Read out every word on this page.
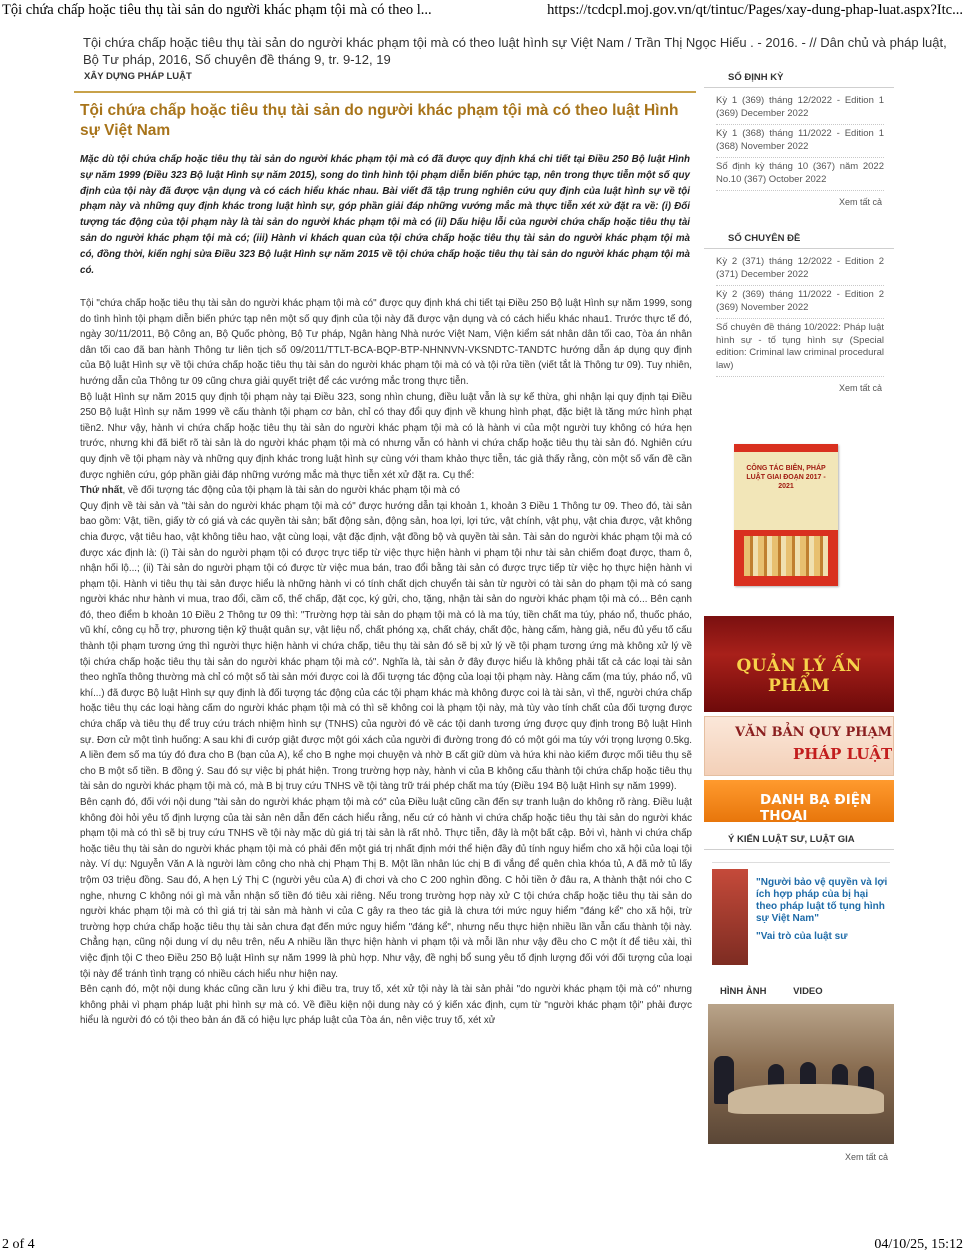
Tội chứa chấp hoặc tiêu thụ tài sản do người khác phạm tội mà có theo l...	https://tcdcpl.moj.gov.vn/qt/tintuc/Pages/xay-dung-phap-luat.aspx?Itc...
Tội chứa chấp hoặc tiêu thụ tài sản do người khác phạm tội mà có theo luật hình sự Việt Nam / Trần Thị Ngọc Hiếu . - 2016. - // Dân chủ và pháp luật, Bộ Tư pháp, 2016, Số chuyên đề tháng 9, tr. 9-12, 19
XÂY DỰNG PHÁP LUẬT
Tội chứa chấp hoặc tiêu thụ tài sản do người khác phạm tội mà có theo luật Hình sự Việt Nam

Mặc dù tội chứa chấp hoặc tiêu thụ tài sản do người khác phạm tội mà có đã được quy định khá chi tiết tại Điều 250 Bộ luật Hình sự năm 1999 (Điều 323 Bộ luật Hình sự năm 2015), song do tình hình tội phạm diễn biến phức tạp, nên trong thực tiễn một số quy định của tội này đã được vận dụng và có cách hiểu khác nhau. Bài viết đã tập trung nghiên cứu quy định của luật hình sự về tội phạm này và những quy định khác trong luật hình sự, góp phần giải đáp những vướng mắc mà thực tiễn xét xử đặt ra về: (i) Đối tượng tác động của tội phạm này là tài sản do người khác phạm tội mà có (ii) Dấu hiệu lỗi của người chứa chấp hoặc tiêu thụ tài sản do người khác phạm tội mà có; (iii) Hành vi khách quan của tội chứa chấp hoặc tiêu thụ tài sản do người khác phạm tội mà có, đồng thời, kiến nghị sửa Điều 323 Bộ luật Hình sự năm 2015 về tội chứa chấp hoặc tiêu thụ tài sản do người khác phạm tội mà có.

Tội "chứa chấp hoặc tiêu thụ tài sản do người khác phạm tội mà có" được quy định khá chi tiết tại Điều 250 Bộ luật Hình sự năm 1999, song do tình hình tội phạm diễn biến phức tạp nên một số quy định của tội này đã được vận dụng và có cách hiểu khác nhau1. Trước thực tế đó, ngày 30/11/2011, Bộ Công an, Bộ Quốc phòng, Bộ Tư pháp, Ngân hàng Nhà nước Việt Nam, Viện kiểm sát nhân dân tối cao, Tòa án nhân dân tối cao đã ban hành Thông tư liên tịch số 09/2011/TTLT-BCA-BQP-BTP-NHNNVN-VKSNDTC-TANDTC hướng dẫn áp dụng quy định của Bộ luật Hình sự về tội chứa chấp hoặc tiêu thụ tài sản do người khác phạm tội mà có và tội rửa tiền (viết tắt là Thông tư 09). Tuy nhiên, hướng dẫn của Thông tư 09 cũng chưa giải quyết triệt để các vướng mắc trong thực tiễn.

Bộ luật Hình sự năm 2015 quy định tội phạm này tại Điều 323, song nhìn chung, điều luật vẫn là sự kế thừa, ghi nhận lại quy định tại Điều 250 Bộ luật Hình sự năm 1999 về cấu thành tội phạm cơ bản, chỉ có thay đổi quy định về khung hình phạt, đặc biệt là tăng mức hình phạt tiền2. Như vậy, hành vi chứa chấp hoặc tiêu thụ tài sản do người khác phạm tội mà có là hành vi của một người tuy không có hứa hẹn trước, nhưng khi đã biết rõ tài sản là do người khác phạm tội mà có nhưng vẫn có hành vi chứa chấp hoặc tiêu thụ tài sản đó. Nghiên cứu quy định về tội phạm này và những quy định khác trong luật hình sự cùng với tham khảo thực tiễn, tác giả thấy rằng, còn một số vấn đề cần được nghiên cứu, góp phần giải đáp những vướng mắc mà thực tiễn xét xử đặt ra. Cụ thể:

Thứ nhất, về đối tượng tác động của tội phạm là tài sản do người khác phạm tội mà có

Quy định về tài sản và "tài sản do người khác phạm tội mà có" được hướng dẫn tại khoản 1, khoản 3 Điều 1 Thông tư 09. Theo đó, tài sản bao gồm: Vật, tiền, giấy tờ có giá và các quyền tài sản; bất động sản, động sản, hoa lợi, lợi tức, vật chính, vật phụ, vật chia được, vật không chia được, vật tiêu hao, vật không tiêu hao, vật cùng loại, vật đặc định, vật đồng bộ và quyền tài sản. Tài sản do người khác phạm tội mà có được xác định là: (i) Tài sản do người phạm tội có được trực tiếp từ việc thực hiện hành vi phạm tội như tài sản chiếm đoạt được, tham ô, nhận hối lộ...; (ii) Tài sản do người phạm tội có được từ việc mua bán, trao đổi bằng tài sản có được trực tiếp từ việc họ thực hiện hành vi phạm tội. Hành vi tiêu thụ tài sản được hiểu là những hành vi có tính chất dịch chuyển tài sản từ người có tài sản do phạm tội mà có sang người khác như hành vi mua, trao đổi, cầm cố, thế chấp, đặt cọc, ký gửi, cho, tặng, nhận tài sản do người khác phạm tội mà có... Bên cạnh đó, theo điểm b khoản 10 Điều 2 Thông tư 09 thì: "Trường hợp tài sản do phạm tội mà có là ma túy, tiền chất ma túy, pháo nổ, thuốc pháo, vũ khí, công cụ hỗ trợ, phương tiện kỹ thuật quân sự, vật liệu nổ, chất phóng xạ, chất cháy, chất độc, hàng cấm, hàng giả, nếu đủ yếu tố cấu thành tội phạm tương ứng thì người thực hiện hành vi chứa chấp, tiêu thụ tài sản đó sẽ bị xử lý về tội phạm tương ứng mà không xử lý về tội chứa chấp hoặc tiêu thụ tài sản do người khác phạm tội mà có". Nghĩa là, tài sản ở đây được hiểu là không phải tất cả các loại tài sản theo nghĩa thông thường mà chỉ có một số tài sản mới được coi là đối tượng tác động của loại tội phạm này. Hàng cấm (ma túy, pháo nổ, vũ khí...) đã được Bộ luật Hình sự quy định là đối tượng tác động của các tội phạm khác mà không được coi là tài sản, vì thế, người chứa chấp hoặc tiêu thụ các loại hàng cấm do người khác phạm tội mà có thì sẽ không coi là phạm tội này, mà tùy vào tính chất của đối tượng được chứa chấp và tiêu thụ để truy cứu trách nhiệm hình sự (TNHS) của người đó về các tội danh tương ứng được quy định trong Bộ luật Hình sự. Đơn cử một tình huống: A sau khi đi cướp giật được một gói xách của người đi đường trong đó có một gói ma túy với trọng lượng 0.5kg. A liền đem số ma túy đó đưa cho B (bạn của A), kể cho B nghe mọi chuyện và nhờ B cất giữ dùm và hứa khi nào kiếm được mối tiêu thụ sẽ cho B một số tiền. B đồng ý. Sau đó sự việc bị phát hiện. Trong trường hợp này, hành vi của B không cấu thành tội chứa chấp hoặc tiêu thụ tài sản do người khác phạm tội mà có, mà B bị truy cứu TNHS về tội tàng trữ trái phép chất ma túy (Điều 194 Bộ luật Hình sự năm 1999).

Bên cạnh đó, đối với nội dung "tài sản do người khác phạm tội mà có" của Điều luật cũng cần đến sự tranh luận do không rõ ràng. Điều luật không đòi hỏi yêu tố định lượng của tài sản nên dẫn đến cách hiểu rằng, nếu cứ có hành vi chứa chấp hoặc tiêu thụ tài sản do người khác phạm tội mà có thì sẽ bị truy cứu TNHS về tội này mặc dù giá trị tài sản là rất nhỏ. Thực tiễn, đây là một bất cập. Bởi vì, hành vi chứa chấp hoặc tiêu thụ tài sản do người khác phạm tội mà có phải đến một giá trị nhất định mới thể hiện đầy đủ tính nguy hiểm cho xã hội của loại tội này. Ví dụ: Nguyễn Văn A là người làm công cho nhà chị Phạm Thị B. Một lần nhân lúc chị B đi vắng để quên chìa khóa tủ, A đã mở tủ lấy trộm 03 triệu đồng. Sau đó, A hẹn Lý Thị C (người yêu của A) đi chơi và cho C 200 nghìn đồng. C hỏi tiền ở đâu ra, A thành thật nói cho C nghe, nhưng C không nói gì mà vẫn nhận số tiền đó tiêu xài riêng. Nếu trong trường hợp này xử C tội chứa chấp hoặc tiêu thụ tài sản do người khác phạm tội mà có thì giá trị tài sản mà hành vi của C gây ra theo tác giả là chưa tới mức nguy hiểm "đáng kể" cho xã hội, trừ trường hợp chứa chấp hoặc tiêu thụ tài sản chưa đạt đến mức nguy hiểm "đáng kể", nhưng nếu thực hiện nhiều lần vẫn cấu thành tội này. Chẳng hạn, cũng nội dung ví dụ nêu trên, nếu A nhiều lần thực hiện hành vi phạm tội và mỗi lần như vậy đều cho C một ít để tiêu xài, thì việc định tội C theo Điều 250 Bộ luật Hình sự năm 1999 là phù hợp. Như vậy, đề nghị bổ sung yêu tố định lượng đối với đối tượng của loại tội này để tránh tình trạng có nhiều cách hiểu như hiện nay.

Bên cạnh đó, một nội dung khác cũng cần lưu ý khi điều tra, truy tố, xét xử tội này là tài sản phải "do người khác phạm tội mà có" nhưng không phải vì phạm pháp luật phi hình sự mà có. Về điều kiện nội dung này có ý kiến xác định, cụm từ "người khác phạm tội" phải được hiểu là người đó có tội theo bản án đã có hiệu lực pháp luật của Tòa án, nên việc truy tố, xét xử

SỐ ĐỊNH KỲ
Kỳ 1 (369) tháng 12/2022 - Edition 1 (369) December 2022
Kỳ 1 (368) tháng 11/2022 - Edition 1 (368) November 2022
Số định kỳ tháng 10 (367) năm 2022 No.10 (367) October 2022
Xem tất cả
SỐ CHUYÊN ĐỀ
Kỳ 2 (371) tháng 12/2022 - Edition 2 (371) December 2022
Kỳ 2 (369) tháng 11/2022 - Edition 2 (369) November 2022
Số chuyên đề tháng 10/2022: Pháp luật hình sự - tố tụng hình sự (Special edition: Criminal law criminal procedural law)
Xem tất cả
CÔNG TÁC BIÊN, PHÁP LUẬT GIAI ĐOẠN 2017 - 2021
QUẢN LÝ ẤN PHẨM
VĂN BẢN QUY PHẠM
PHÁP LUẬT
DANH BẠ ĐIỆN THOẠI
Ý KIẾN LUẬT SƯ, LUẬT GIA
"Người bảo vệ quyền và lợi ích hợp pháp của bị hại theo pháp luật tố tụng hình sự Việt Nam"
"Vai trò của luật sư
HÌNH ẢNH	VIDEO
Xem tất cả
2 of 4	04/10/25, 15:12
